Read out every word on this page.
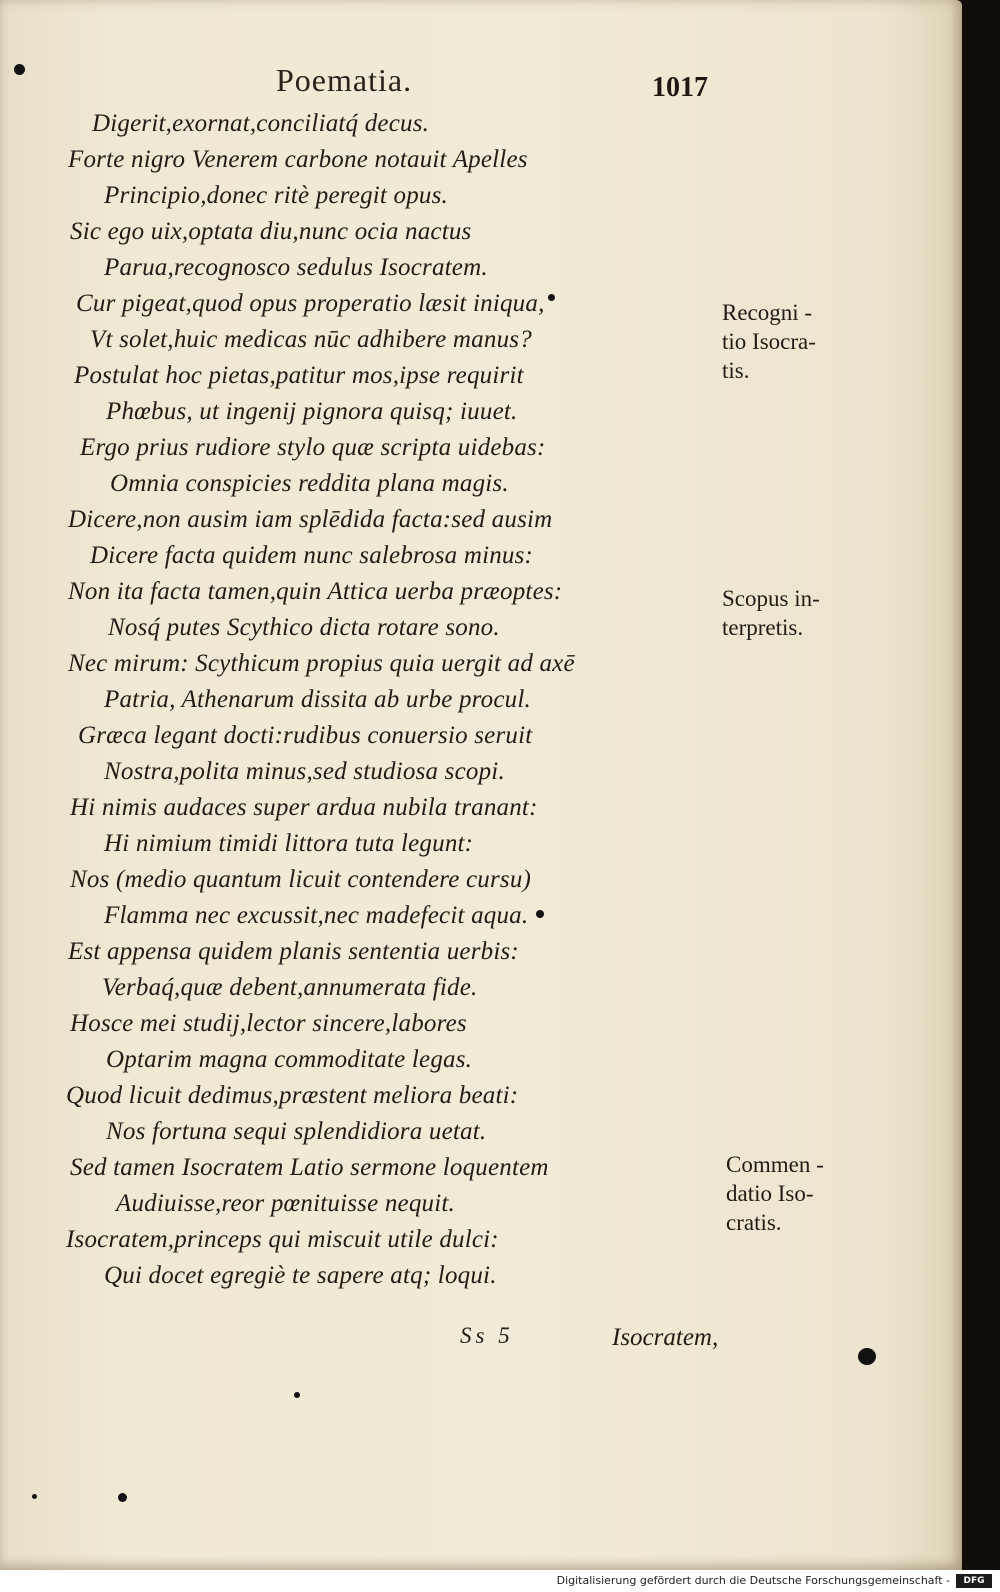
Poematia.	1017
Digerit,exornat,conciliatq́ decus.
Forte nigro Venerem carbone notauit Apelles
Principio,donec ritè peregit opus.
Sic ego uix,optata diu,nunc ocia nactus
Parua,recognosco sedulus Isocratem.
Cur pigeat,quod opus properatio læsit iniqua,
Vt solet,huic medicas nūc adhibere manus?
Postulat hoc pietas,patitur mos,ipse requirit
Phœbus, ut ingenij pignora quisq; iuuet.
Ergo prius rudiore stylo quæ scripta uidebas:
Omnia conspicies reddita plana magis.
Dicere,non ausim iam splēdida facta:sed ausim
Dicere facta quidem nunc salebrosa minus:
Non ita facta tamen,quin Attica uerba præoptes:
Nosq́ putes Scythico dicta rotare sono.
Nec mirum: Scythicum propius quia uergit ad axē
Patria, Athenarum dissita ab urbe procul.
Græca legant docti:rudibus conuersio seruit
Nostra,polita minus,sed studiosa scopi.
Hi nimis audaces super ardua nubila tranant:
Hi nimium timidi littora tuta legunt:
Nos (medio quantum licuit contendere cursu)
Flamma nec excussit,nec madefecit aqua.
Est appensa quidem planis sententia uerbis:
Verbaq́,quæ debent,annumerata fide.
Hosce mei studij,lector sincere,labores
Optarim magna commoditate legas.
Quod licuit dedimus,præstent meliora beati:
Nos fortuna sequi splendidiora uetat.
Sed tamen Isocratem Latio sermone loquentem
Audiuisse,reor pœnituisse nequit.
Isocratem,princeps qui miscuit utile dulci:
Qui docet egregiè te sapere atq; loqui.
Recogni -
tio Isocra-
tis.
Scopus in-
terpretis.
Commen -
datio Iso-
cratis.
Ss 5	Isocratem,
Digitalisierung gefördert durch die Deutsche Forschungsgemeinschaft -	DFG
